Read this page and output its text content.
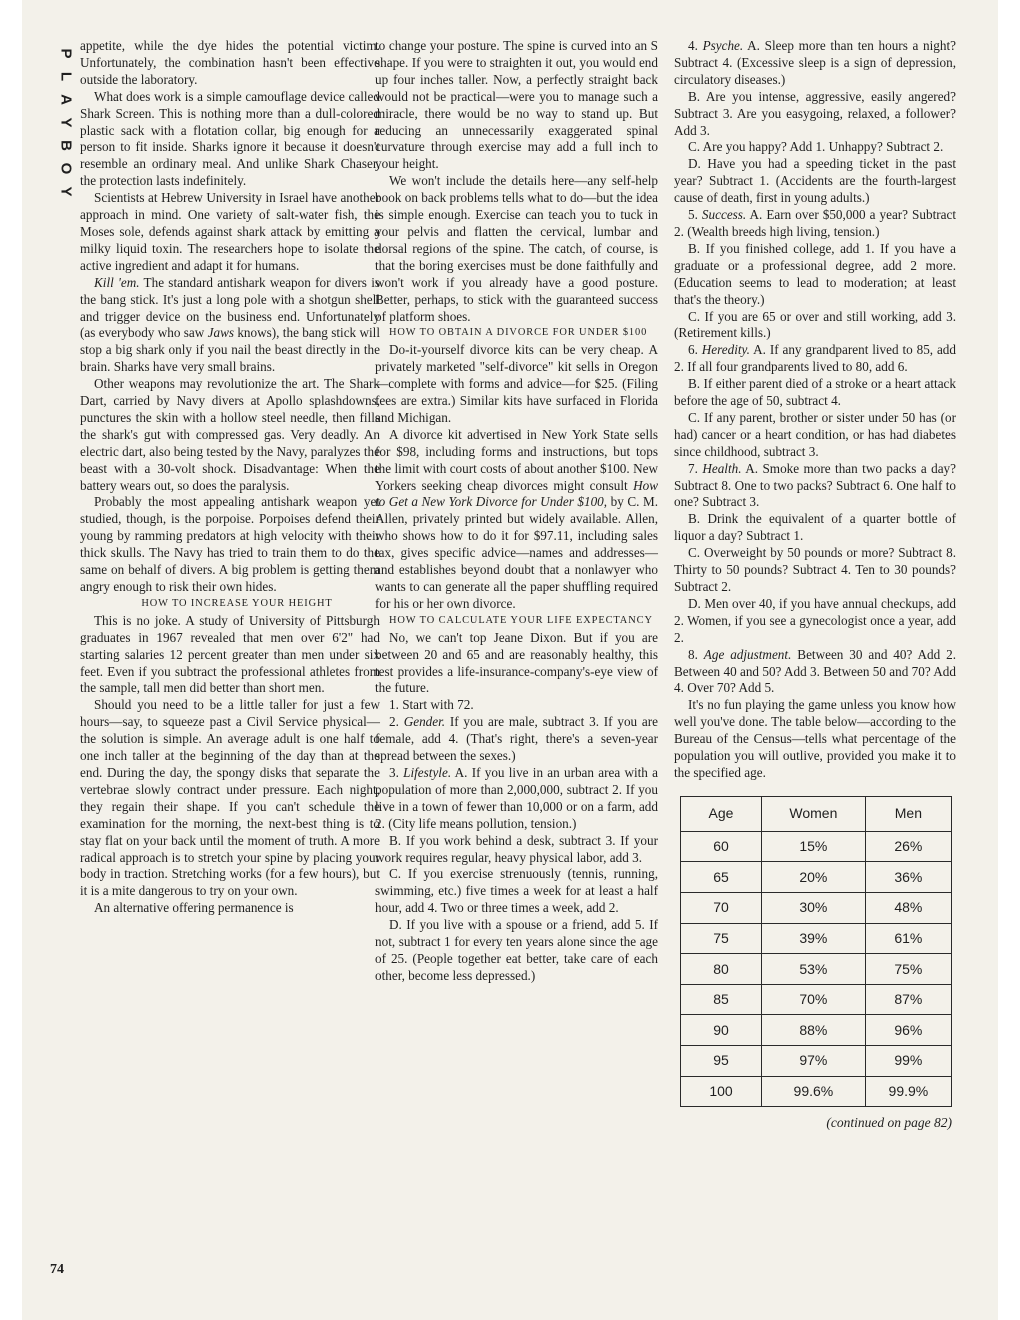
P
L
A
Y
B
O
Y

appetite, while the dye hides the potential victim. Unfortunately, the combination hasn't been effective outside the laboratory.

What does work is a simple camouflage device called Shark Screen. This is nothing more than a dull-colored plastic sack with a flotation collar, big enough for a person to fit inside. Sharks ignore it because it doesn't resemble an ordinary meal. And unlike Shark Chaser, the protection lasts indefinitely.

Scientists at Hebrew University in Israel have another approach in mind. One variety of salt-water fish, the Moses sole, defends against shark attack by emitting a milky liquid toxin. The researchers hope to isolate the active ingredient and adapt it for humans.

Kill 'em. The standard antishark weapon for divers is the bang stick. It's just a long pole with a shotgun shell and trigger device on the business end. Unfortunately (as everybody who saw Jaws knows), the bang stick will stop a big shark only if you nail the beast directly in the brain. Sharks have very small brains.

Other weapons may revolutionize the art. The Shark Dart, carried by Navy divers at Apollo splashdowns, punctures the skin with a hollow steel needle, then fills the shark's gut with compressed gas. Very deadly. An electric dart, also being tested by the Navy, paralyzes the beast with a 30-volt shock. Disadvantage: When the battery wears out, so does the paralysis.

Probably the most appealing antishark weapon yet studied, though, is the porpoise. Porpoises defend their young by ramming predators at high velocity with their thick skulls. The Navy has tried to train them to do the same on behalf of divers. A big problem is getting them angry enough to risk their own hides.

HOW TO INCREASE YOUR HEIGHT

This is no joke. A study of University of Pittsburgh graduates in 1967 revealed that men over 6'2" had starting salaries 12 percent greater than men under six feet. Even if you subtract the professional athletes from the sample, tall men did better than short men.

Should you need to be a little taller for just a few hours—say, to squeeze past a Civil Service physical—the solution is simple. An average adult is one half to one inch taller at the beginning of the day than at the end. During the day, the spongy disks that separate the vertebrae slowly contract under pressure. Each night, they regain their shape. If you can't schedule the examination for the morning, the next-best thing is to stay flat on your back until the moment of truth. A more radical approach is to stretch your spine by placing your body in traction. Stretching works (for a few hours), but it is a mite dangerous to try on your own.

An alternative offering permanence is

to change your posture. The spine is curved into an S shape. If you were to straighten it out, you would end up four inches taller. Now, a perfectly straight back would not be practical—were you to manage such a miracle, there would be no way to stand up. But reducing an unnecessarily exaggerated spinal curvature through exercise may add a full inch to your height.

We won't include the details here—any self-help book on back problems tells what to do—but the idea is simple enough. Exercise can teach you to tuck in your pelvis and flatten the cervical, lumbar and dorsal regions of the spine. The catch, of course, is that the boring exercises must be done faithfully and won't work if you already have a good posture. Better, perhaps, to stick with the guaranteed success of platform shoes.

HOW TO OBTAIN A DIVORCE FOR UNDER $100

Do-it-yourself divorce kits can be very cheap. A privately marketed "self-divorce" kit sells in Oregon—complete with forms and advice—for $25. (Filing fees are extra.) Similar kits have surfaced in Florida and Michigan.

A divorce kit advertised in New York State sells for $98, including forms and instructions, but tops the limit with court costs of about another $100. New Yorkers seeking cheap divorces might consult How to Get a New York Divorce for Under $100, by C. M. Allen, privately printed but widely available. Allen, who shows how to do it for $97.11, including sales tax, gives specific advice—names and addresses—and establishes beyond doubt that a nonlawyer who wants to can generate all the paper shuffling required for his or her own divorce.

HOW TO CALCULATE YOUR LIFE EXPECTANCY

No, we can't top Jeane Dixon. But if you are between 20 and 65 and are reasonably healthy, this test provides a life-insurance-company's-eye view of the future.

1. Start with 72.

2. Gender. If you are male, subtract 3. If you are female, add 4. (That's right, there's a seven-year spread between the sexes.)

3. Lifestyle. A. If you live in an urban area with a population of more than 2,000,000, subtract 2. If you live in a town of fewer than 10,000 or on a farm, add 2. (City life means pollution, tension.)

B. If you work behind a desk, subtract 3. If your work requires regular, heavy physical labor, add 3.

C. If you exercise strenuously (tennis, running, swimming, etc.) five times a week for at least a half hour, add 4. Two or three times a week, add 2.

D. If you live with a spouse or a friend, add 5. If not, subtract 1 for every ten years alone since the age of 25. (People together eat better, take care of each other, become less depressed.)

4. Psyche. A. Sleep more than ten hours a night? Subtract 4. (Excessive sleep is a sign of depression, circulatory diseases.)

B. Are you intense, aggressive, easily angered? Subtract 3. Are you easygoing, relaxed, a follower? Add 3.

C. Are you happy? Add 1. Unhappy? Subtract 2.

D. Have you had a speeding ticket in the past year? Subtract 1. (Accidents are the fourth-largest cause of death, first in young adults.)

5. Success. A. Earn over $50,000 a year? Subtract 2. (Wealth breeds high living, tension.)

B. If you finished college, add 1. If you have a graduate or a professional degree, add 2 more. (Education seems to lead to moderation; at least that's the theory.)

C. If you are 65 or over and still working, add 3. (Retirement kills.)

6. Heredity. A. If any grandparent lived to 85, add 2. If all four grandparents lived to 80, add 6.

B. If either parent died of a stroke or a heart attack before the age of 50, subtract 4.

C. If any parent, brother or sister under 50 has (or had) cancer or a heart condition, or has had diabetes since childhood, subtract 3.

7. Health. A. Smoke more than two packs a day? Subtract 8. One to two packs? Subtract 6. One half to one? Subtract 3.

B. Drink the equivalent of a quarter bottle of liquor a day? Subtract 1.

C. Overweight by 50 pounds or more? Subtract 8. Thirty to 50 pounds? Subtract 4. Ten to 30 pounds? Subtract 2.

D. Men over 40, if you have annual checkups, add 2. Women, if you see a gynecologist once a year, add 2.

8. Age adjustment. Between 30 and 40? Add 2. Between 40 and 50? Add 3. Between 50 and 70? Add 4. Over 70? Add 5.

It's no fun playing the game unless you know how well you've done. The table below—according to the Bureau of the Census—tells what percentage of the population you will outlive, provided you make it to the specified age.

Age	Women	Men
60	15%	26%
65	20%	36%
70	30%	48%
75	39%	61%
80	53%	75%
85	70%	87%
90	88%	96%
95	97%	99%
100	99.6%	99.9%
(continued on page 82)
74
